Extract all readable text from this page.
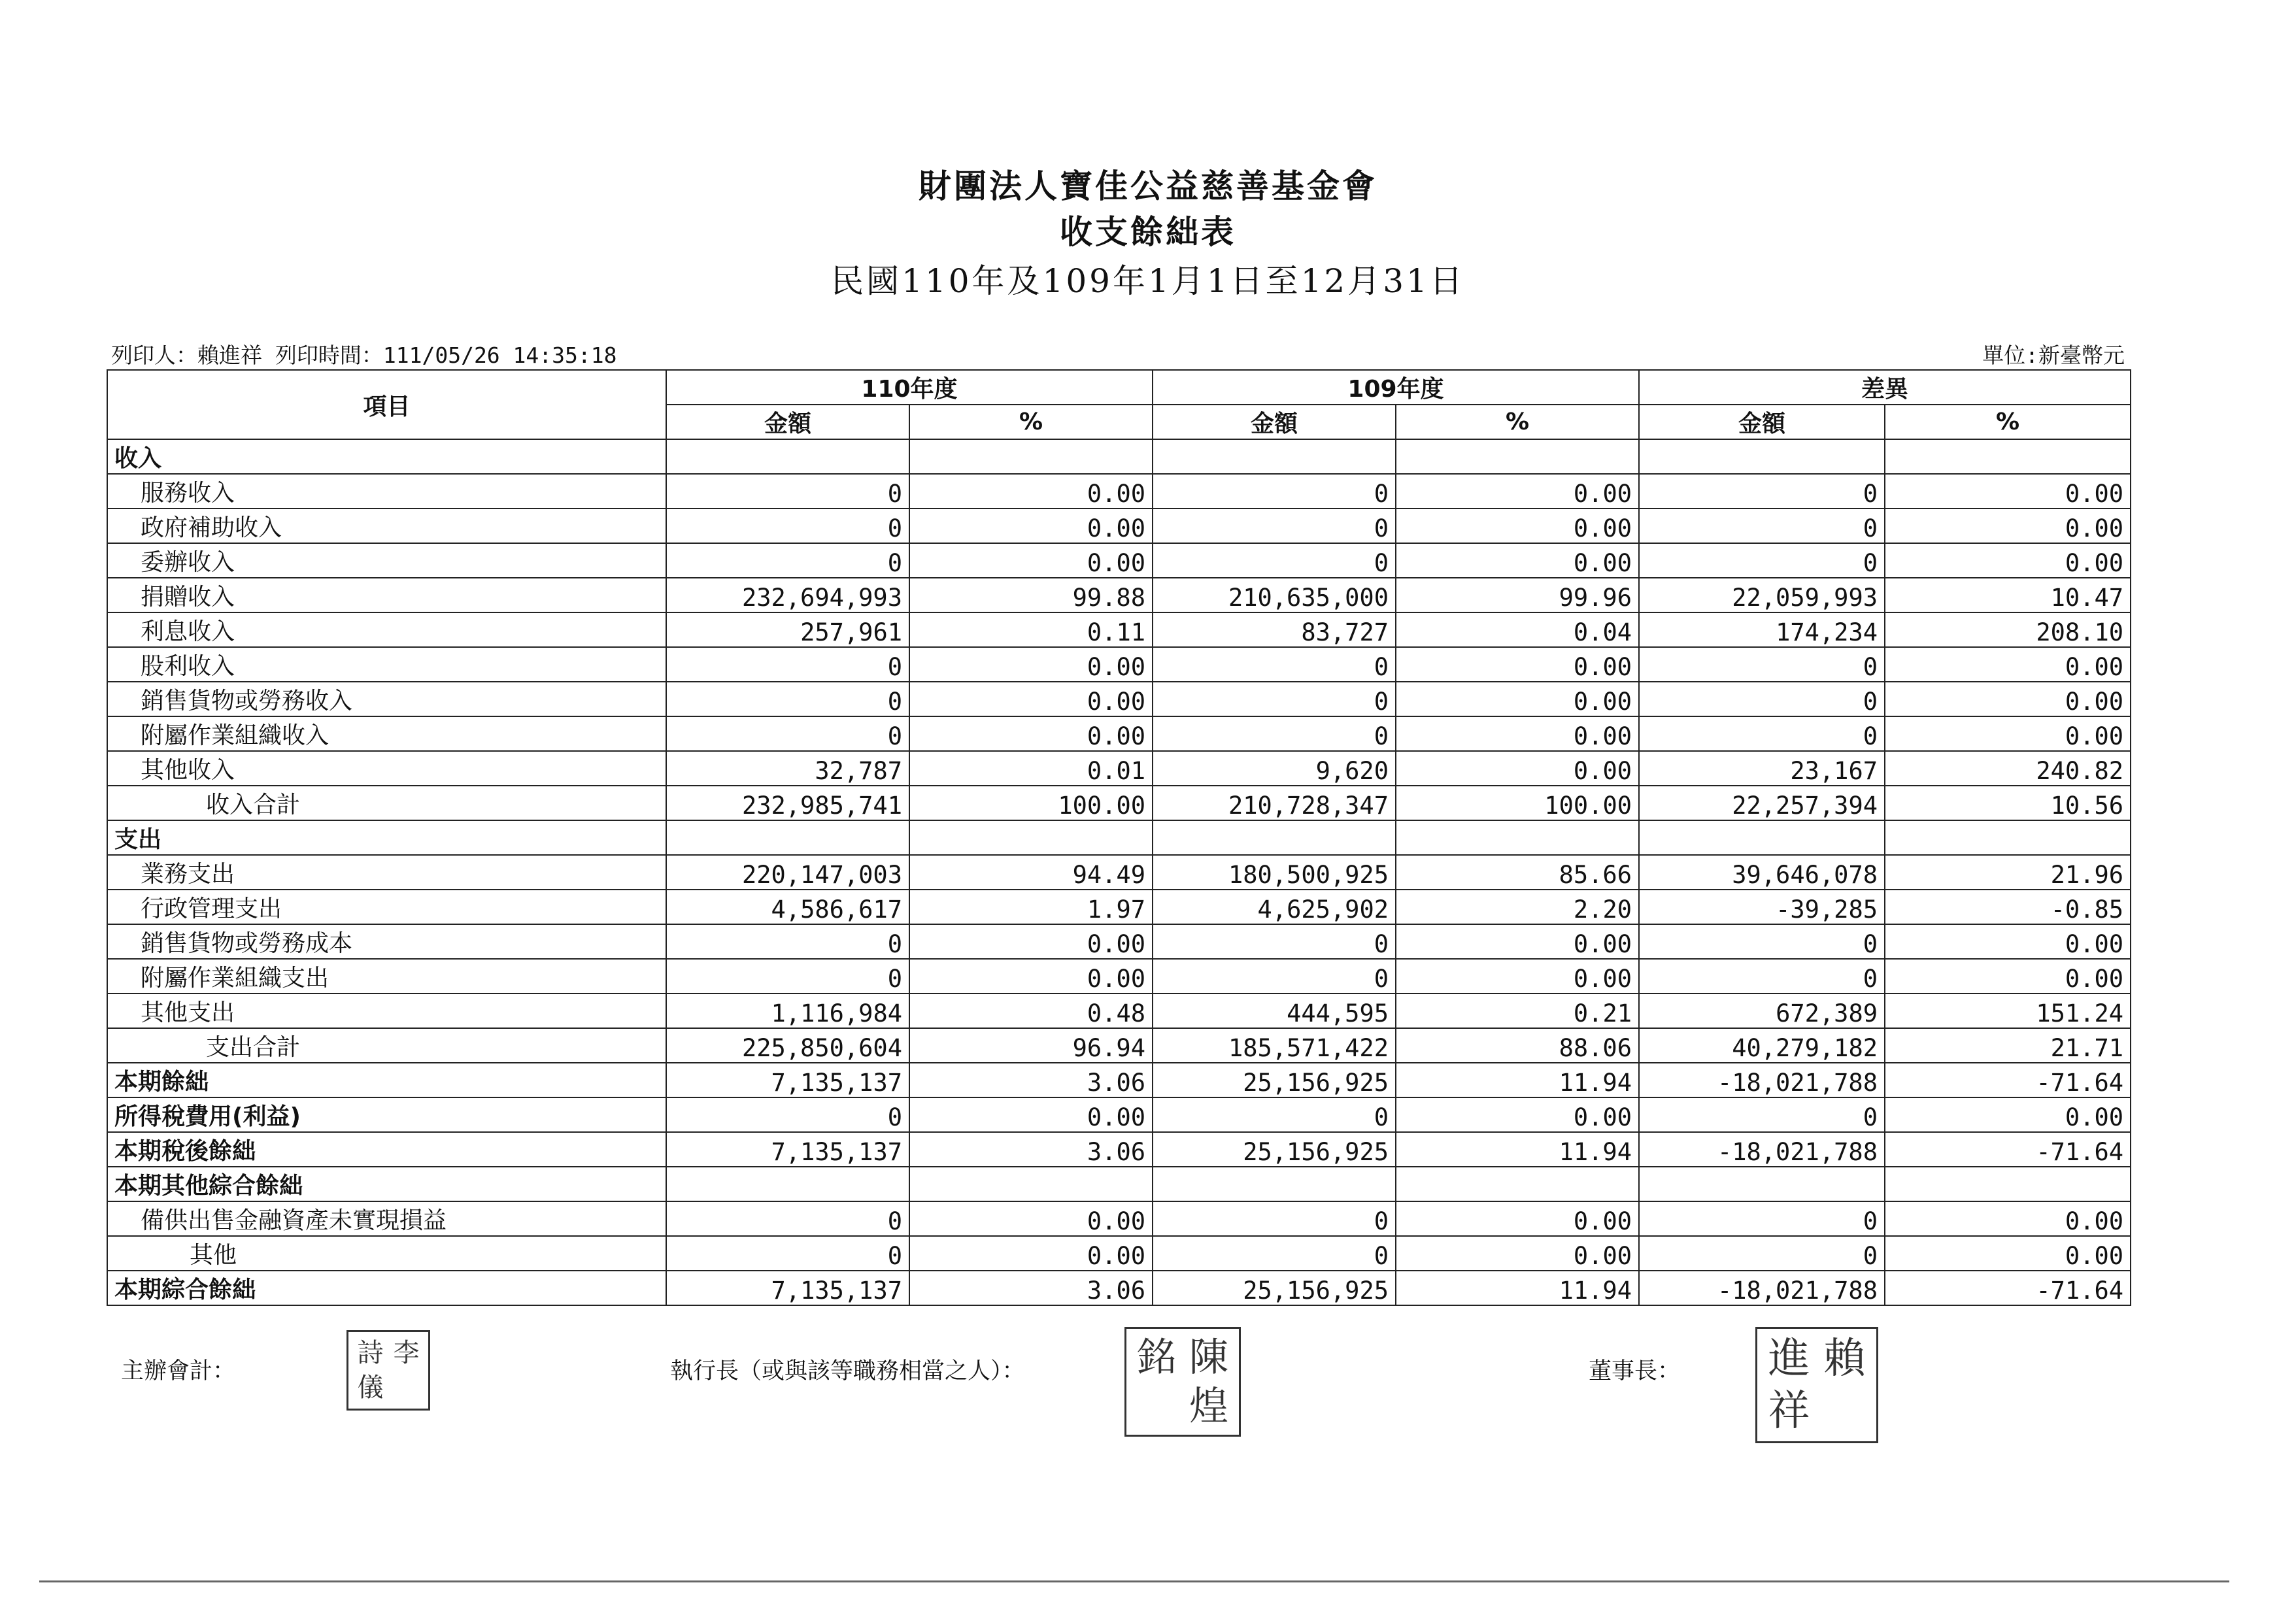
財團法人寶佳公益慈善基金會
收支餘絀表
民國110年及109年1月1日至12月31日
列印人：賴進祥 列印時間：111/05/26 14:35:18	單位:新臺幣元
項目	110年度		109年度		差異	
	金額	%	金額	%	金額	%
收入						
服務收入	0	0.00	0	0.00	0	0.00
政府補助收入	0	0.00	0	0.00	0	0.00
委辦收入	0	0.00	0	0.00	0	0.00
捐贈收入	232,694,993	99.88	210,635,000	99.96	22,059,993	10.47
利息收入	257,961	0.11	83,727	0.04	174,234	208.10
股利收入	0	0.00	0	0.00	0	0.00
銷售貨物或勞務收入	0	0.00	0	0.00	0	0.00
附屬作業組織收入	0	0.00	0	0.00	0	0.00
其他收入	32,787	0.01	9,620	0.00	23,167	240.82
收入合計	232,985,741	100.00	210,728,347	100.00	22,257,394	10.56
支出						
業務支出	220,147,003	94.49	180,500,925	85.66	39,646,078	21.96
行政管理支出	4,586,617	1.97	4,625,902	2.20	-39,285	-0.85
銷售貨物或勞務成本	0	0.00	0	0.00	0	0.00
附屬作業組織支出	0	0.00	0	0.00	0	0.00
其他支出	1,116,984	0.48	444,595	0.21	672,389	151.24
支出合計	225,850,604	96.94	185,571,422	88.06	40,279,182	21.71
本期餘絀	7,135,137	3.06	25,156,925	11.94	-18,021,788	-71.64
所得稅費用(利益)	0	0.00	0	0.00	0	0.00
本期稅後餘絀	7,135,137	3.06	25,156,925	11.94	-18,021,788	-71.64
本期其他綜合餘絀						
備供出售金融資產未實現損益	0	0.00	0	0.00	0	0.00
其他	0	0.00	0	0.00	0	0.00
本期綜合餘絀	7,135,137	3.06	25,156,925	11.94	-18,021,788	-71.64
主辦會計：
詩 李
儀
執行長（或與該等職務相當之人）：	銘 陳
煌
董事長： 進 賴
祥
